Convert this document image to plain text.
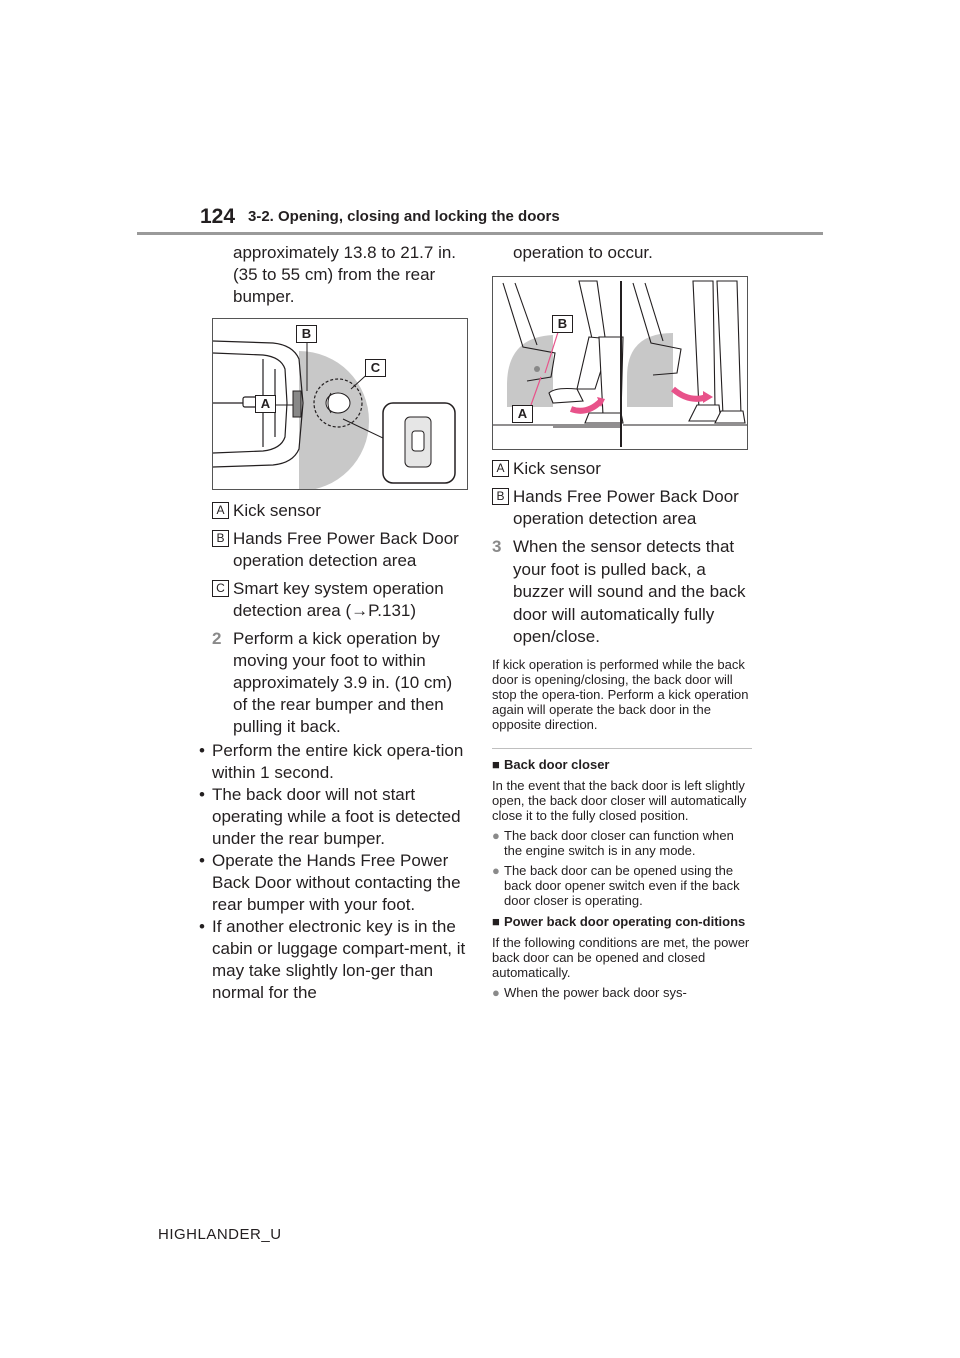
124 3-2. Opening, closing and locking the doors

approximately 13.8 to 21.7 in. (35 to 55 cm) from the rear bumper.

B
C
A
A Kick sensor
B Hands Free Power Back Door operation detection area
C Smart key system operation detection area (→P.131)
2 Perform a kick operation by moving your foot to within approximately 3.9 in. (10 cm) of the rear bumper and then pulling it back.
• Perform the entire kick opera-tion within 1 second.
• The back door will not start operating while a foot is detected under the rear bumper.
• Operate the Hands Free Power Back Door without contacting the rear bumper with your foot.
• If another electronic key is in the cabin or luggage compart-ment, it may take slightly lon-ger than normal for the

operation to occur.

B
A
A Kick sensor
B Hands Free Power Back Door operation detection area
3 When the sensor detects that your foot is pulled back, a buzzer will sound and the back door will automatically fully open/close.

If kick operation is performed while the back door is opening/closing, the back door will stop the opera-tion. Perform a kick operation again will operate the back door in the opposite direction.

■ Back door closer

In the event that the back door is left slightly open, the back door closer will automatically close it to the fully closed position.

● The back door closer can function when the engine switch is in any mode.
● The back door can be opened using the back door opener switch even if the back door closer is operating.
■ Power back door operating con-ditions

If the following conditions are met, the power back door can be opened and closed automatically.

● When the power back door sys-
HIGHLANDER_U
